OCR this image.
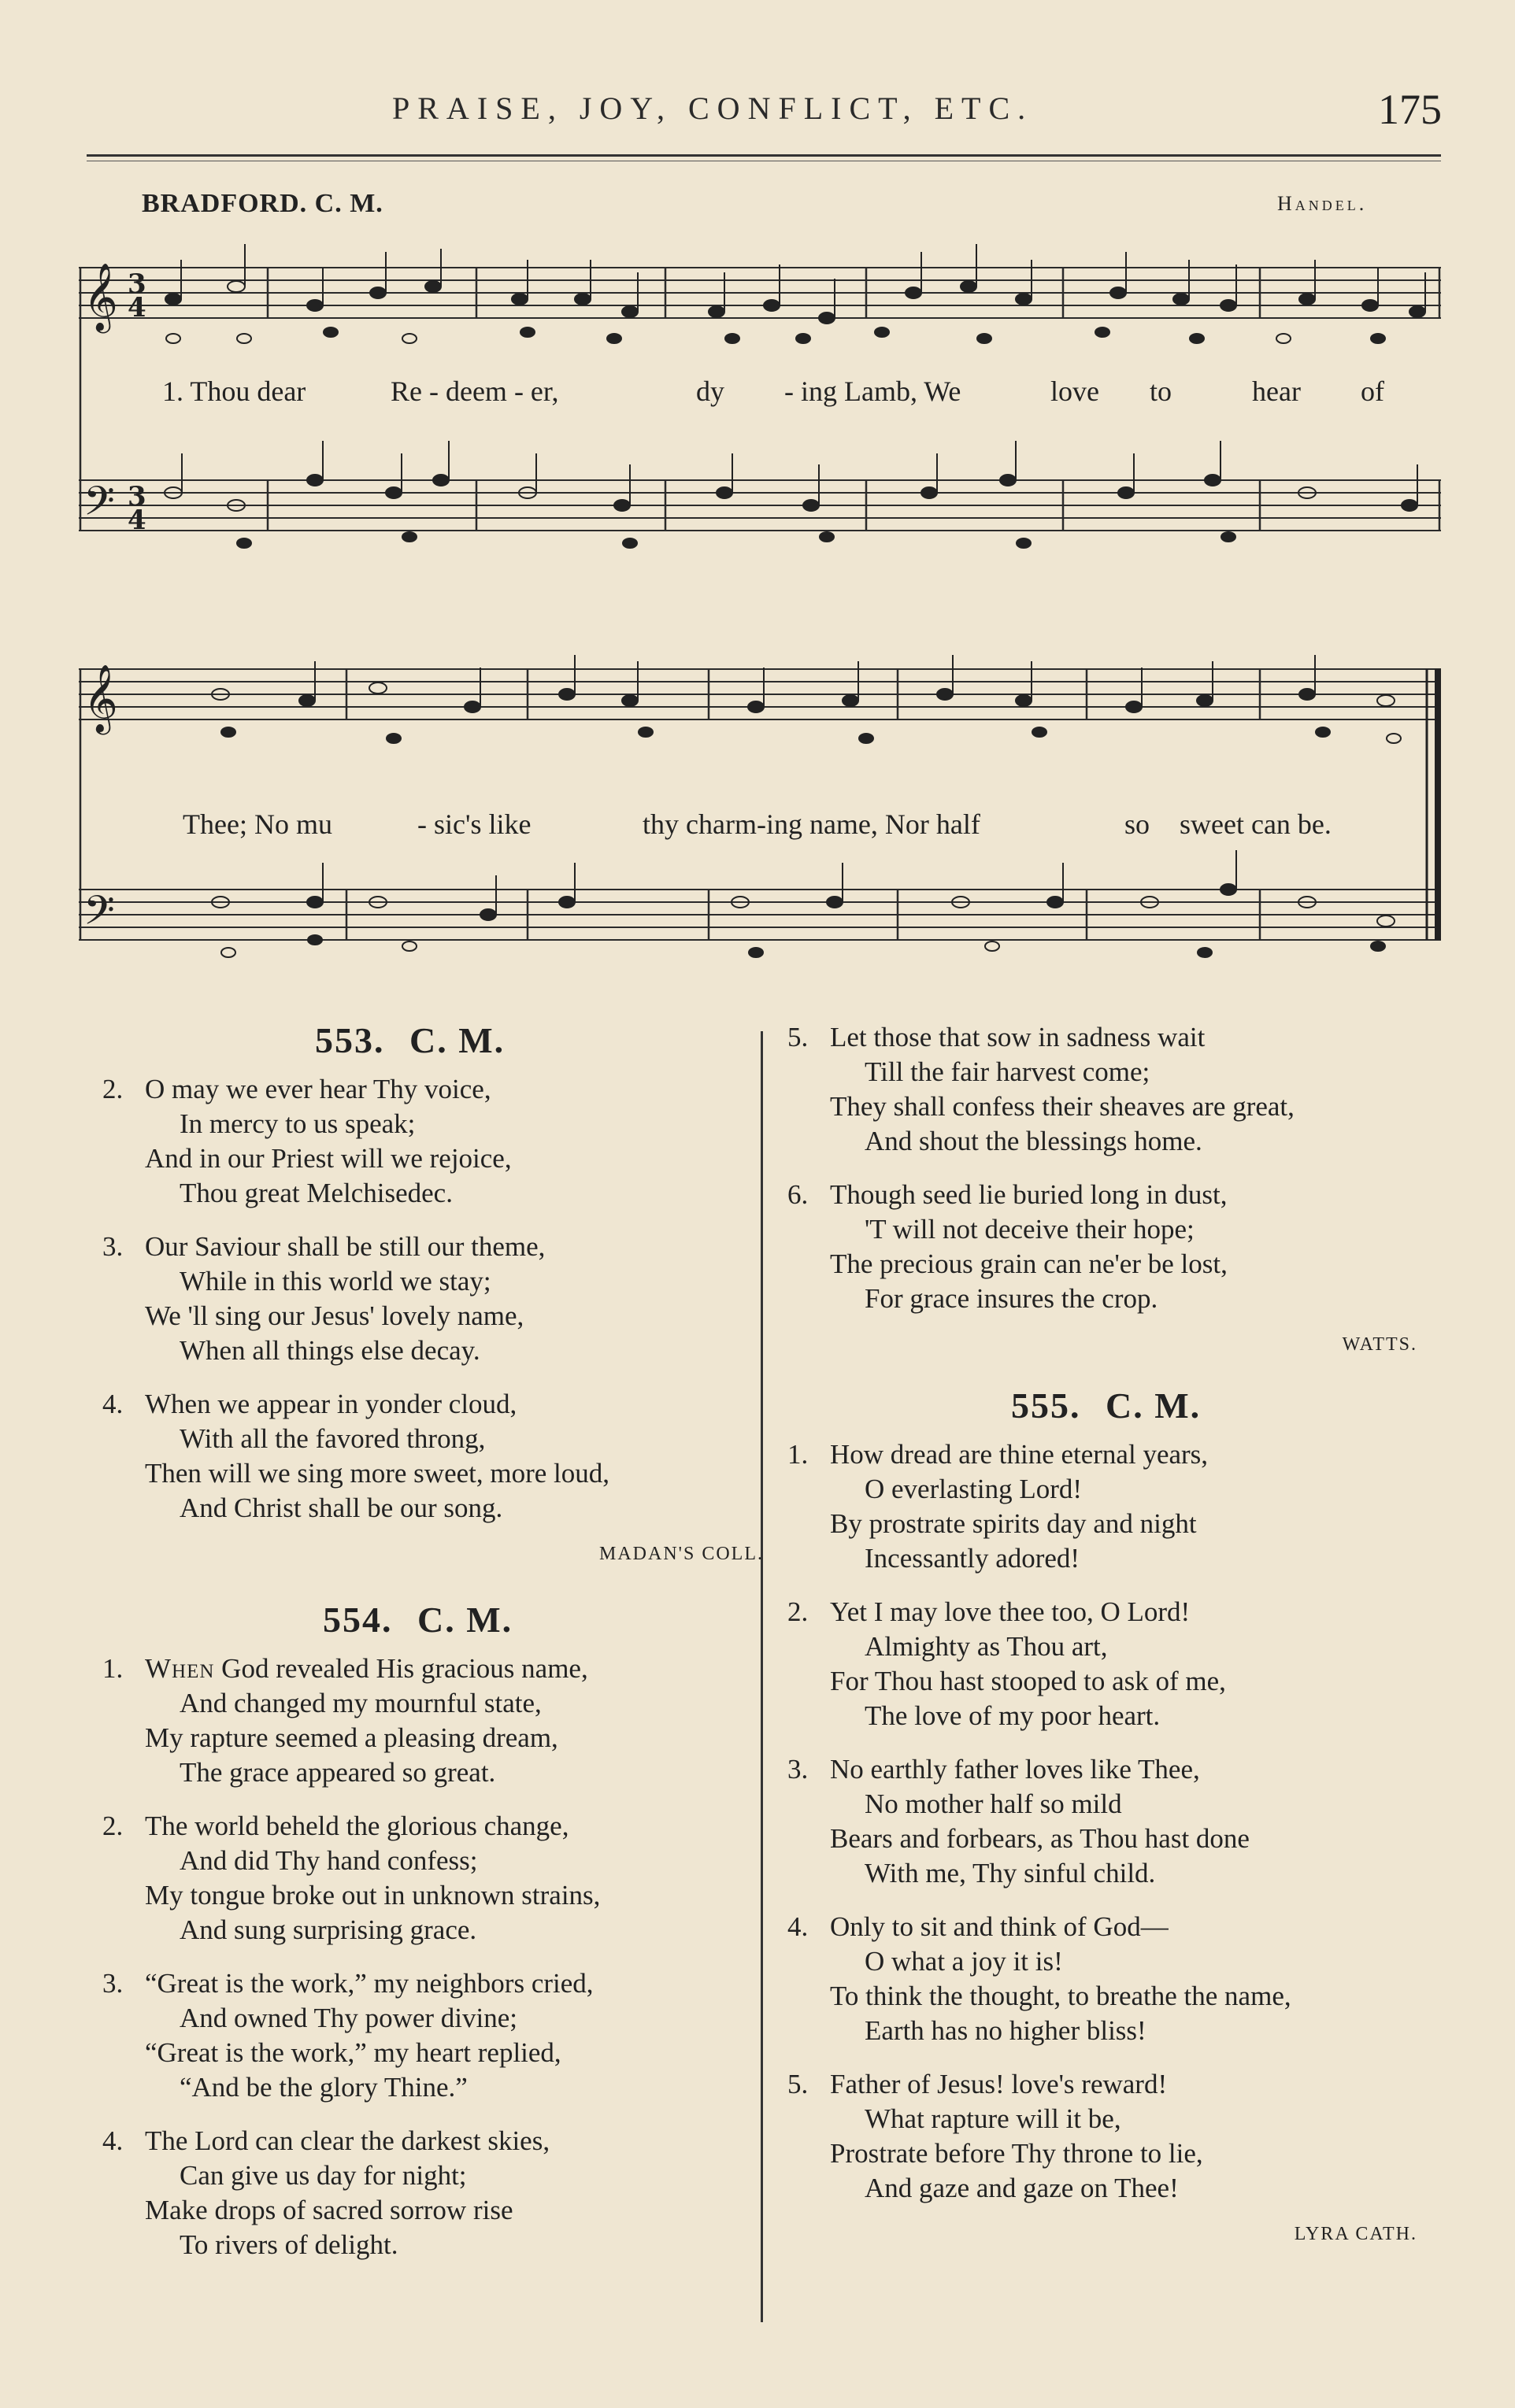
PRAISE, JOY, CONFLICT, ETC.	175
BRADFORD. C. M.	Handel.
𝄞
𝄢
3
4
3
4
1. Thou dear	Re - deem - er,	dy - ing Lamb, We	love to	hear of
𝄞
𝄢
Thee; No mu	- sic's like	thy charm-ing name, Nor half	so sweet can be.
553. C. M.
2. O may we ever hear Thy voice,
In mercy to us speak;
And in our Priest will we rejoice,
Thou great Melchisedec.
3. Our Saviour shall be still our theme,
While in this world we stay;
We 'll sing our Jesus' lovely name,
When all things else decay.
4. When we appear in yonder cloud,
With all the favored throng,
Then will we sing more sweet, more loud,
And Christ shall be our song.
MADAN'S COLL.
554. C. M.
1. When God revealed His gracious name,
And changed my mournful state,
My rapture seemed a pleasing dream,
The grace appeared so great.
2. The world beheld the glorious change,
And did Thy hand confess;
My tongue broke out in unknown strains,
And sung surprising grace.
3. “Great is the work,” my neighbors cried,
And owned Thy power divine;
“Great is the work,” my heart replied,
“And be the glory Thine.”
4. The Lord can clear the darkest skies,
Can give us day for night;
Make drops of sacred sorrow rise
To rivers of delight.
5. Let those that sow in sadness wait
Till the fair harvest come;
They shall confess their sheaves are great,
And shout the blessings home.
6. Though seed lie buried long in dust,
'T will not deceive their hope;
The precious grain can ne'er be lost,
For grace insures the crop.
WATTS.
555. C. M.
1. How dread are thine eternal years,
O everlasting Lord!
By prostrate spirits day and night
Incessantly adored!
2. Yet I may love thee too, O Lord!
Almighty as Thou art,
For Thou hast stooped to ask of me,
The love of my poor heart.
3. No earthly father loves like Thee,
No mother half so mild
Bears and forbears, as Thou hast done
With me, Thy sinful child.
4. Only to sit and think of God—
O what a joy it is!
To think the thought, to breathe the name,
Earth has no higher bliss!
5. Father of Jesus! love's reward!
What rapture will it be,
Prostrate before Thy throne to lie,
And gaze and gaze on Thee!
LYRA CATH.
